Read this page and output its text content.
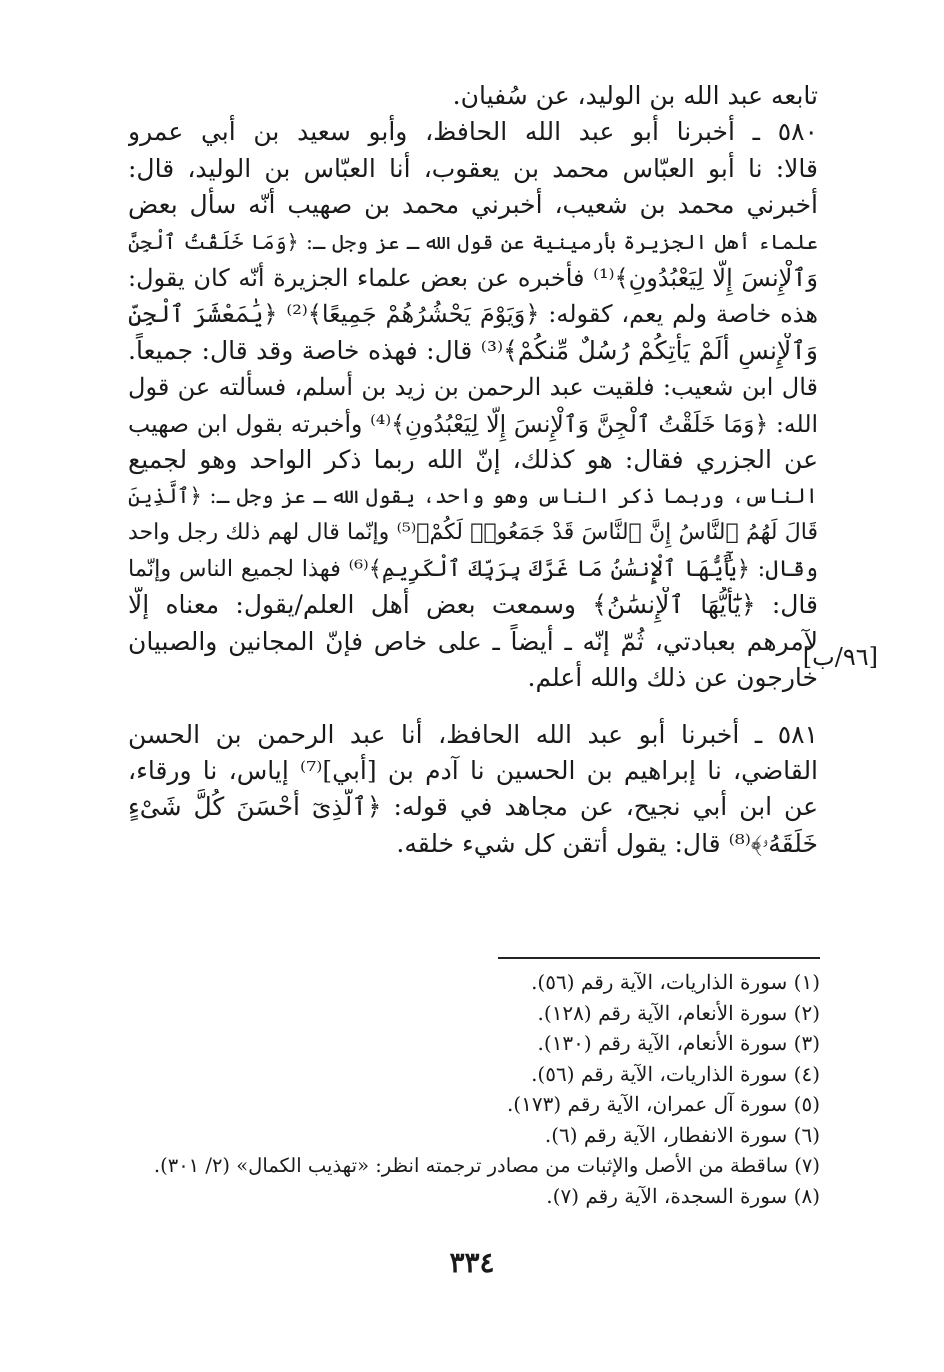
تابعه عبد الله بن الوليد، عن سُفيان.
٥٨٠ ـ أخبرنا أبو عبد الله الحافظ، وأبو سعيد بن أبي عمرو
قالا: نا أبو العبّاس محمد بن يعقوب، أنا العبّاس بن الوليد، قال:
أخبرني محمد بن شعيب، أخبرني محمد بن صهيب أنّه سأل بعض
علماء أهل الجزيرة بأرمينية عن قول الله ـ عز وجل ـ: ﴿وَمَا خَلَقْتُ ٱلْجِنَّ
وَٱلْإِنسَ إِلَّا لِيَعْبُدُونِ﴾⁽¹⁾ فأخبره عن بعض علماء الجزيرة أنّه كان يقول:
هذه خاصة ولم يعم، كقوله: ﴿وَيَوْمَ يَحْشُرُهُمْ جَمِيعًا﴾⁽²⁾ ﴿يَٰمَعْشَرَ ٱلْجِنِّ
وَٱلْإِنسِ أَلَمْ يَأْتِكُمْ رُسُلٌ مِّنكُمْ﴾⁽³⁾ قال: فهذه خاصة وقد قال: جميعاً.
قال ابن شعيب: فلقيت عبد الرحمن بن زيد بن أسلم، فسألته عن قول
الله: ﴿وَمَا خَلَقْتُ ٱلْجِنَّ وَٱلْإِنسَ إِلَّا لِيَعْبُدُونِ﴾⁽⁴⁾ وأخبرته بقول ابن صهيب
عن الجزري فقال: هو كذلك، إنّ الله ربما ذكر الواحد وهو لجميع
الناس، وربما ذكر الناس وهو واحد، يقول الله ـ عز وجل ـ: ﴿ٱلَّذِينَ
قَالَ لَهُمُ ٱلنَّاسُ إِنَّ ٱلنَّاسَ قَدْ جَمَعُوا۟ لَكُمْ﴾⁽⁵⁾ وإنّما قال لهم ذلك رجل واحد
وقال: ﴿يَٰٓأَيُّهَا ٱلْإِنسَٰنُ مَا غَرَّكَ بِرَبِّكَ ٱلْكَرِيمِ﴾⁽⁶⁾ فهذا لجميع الناس وإنّما
قال: ﴿يَٰٓأَيُّهَا ٱلْإِنسَٰنُ﴾ وسمعت بعض أهل العلم/يقول: معناه إلّا
لآمرهم بعبادتي، ثُمّ إنّه ـ أيضاً ـ على خاص فإنّ المجانين والصبيان
خارجون عن ذلك والله أعلم.
٥٨١ ـ أخبرنا أبو عبد الله الحافظ، أنا عبد الرحمن بن الحسن
القاضي، نا إبراهيم بن الحسين نا آدم بن [أبي]⁽⁷⁾ إياس، نا ورقاء،
عن ابن أبي نجيح، عن مجاهد في قوله: ﴿ٱلَّذِىٓ أَحْسَنَ كُلَّ شَىْءٍ
خَلَقَهُۥ﴾⁽⁸⁾ قال: يقول أتقن كل شيء خلقه.
[٩٦/ب]
(١) سورة الذاريات، الآية رقم (٥٦).
(٢) سورة الأنعام، الآية رقم (١٢٨).
(٣) سورة الأنعام، الآية رقم (١٣٠).
(٤) سورة الذاريات، الآية رقم (٥٦).
(٥) سورة آل عمران، الآية رقم (١٧٣).
(٦) سورة الانفطار، الآية رقم (٦).
(٧) ساقطة من الأصل والإثبات من مصادر ترجمته انظر: «تهذيب الكمال» (٢/ ٣٠١).
(٨) سورة السجدة، الآية رقم (٧).
٣٣٤
